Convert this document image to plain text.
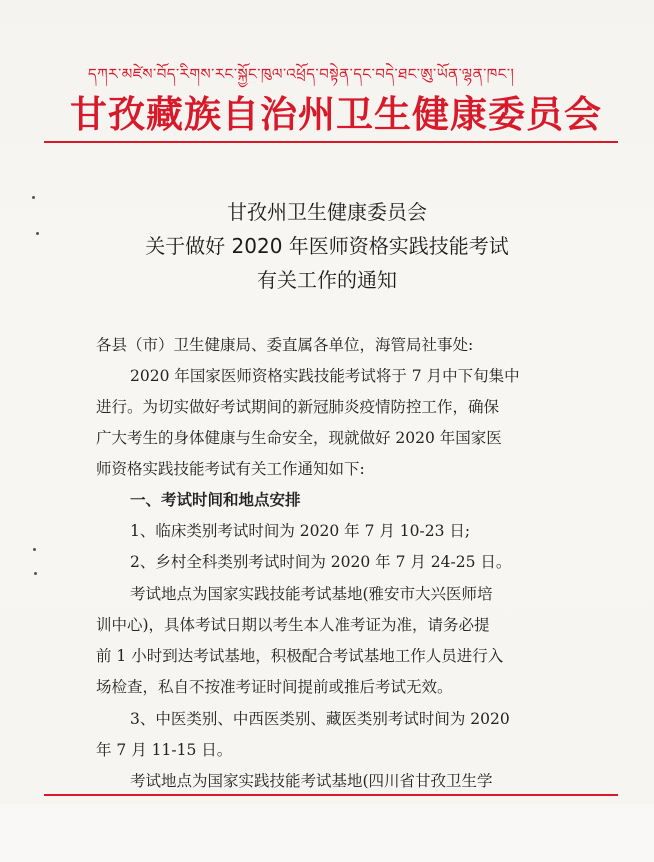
དཀར་མཛེས་བོད་རིགས་རང་སྐྱོང་ཁུལ་འཕྲོད་བསྟེན་དང་བདེ་ཐང་ཨུ་ཡོན་ལྷན་ཁང་།
甘孜藏族自治州卫生健康委员会
甘孜州卫生健康委员会
关于做好 2020 年医师资格实践技能考试
有关工作的通知
各县（市）卫生健康局、委直属各单位，海管局社事处:
2020 年国家医师资格实践技能考试将于 7 月中下旬集中
进行。为切实做好考试期间的新冠肺炎疫情防控工作，确保
广大考生的身体健康与生命安全，现就做好 2020 年国家医
师资格实践技能考试有关工作通知如下:
一、考试时间和地点安排
1、临床类别考试时间为 2020 年 7 月 10-23 日;
2、乡村全科类别考试时间为 2020 年 7 月 24-25 日。
考试地点为国家实践技能考试基地(雅安市大兴医师培
训中心)，具体考试日期以考生本人准考证为准，请务必提
前 1 小时到达考试基地，积极配合考试基地工作人员进行入
场检查，私自不按准考证时间提前或推后考试无效。
3、中医类别、中西医类别、藏医类别考试时间为 2020
年 7 月 11-15 日。
考试地点为国家实践技能考试基地(四川省甘孜卫生学
